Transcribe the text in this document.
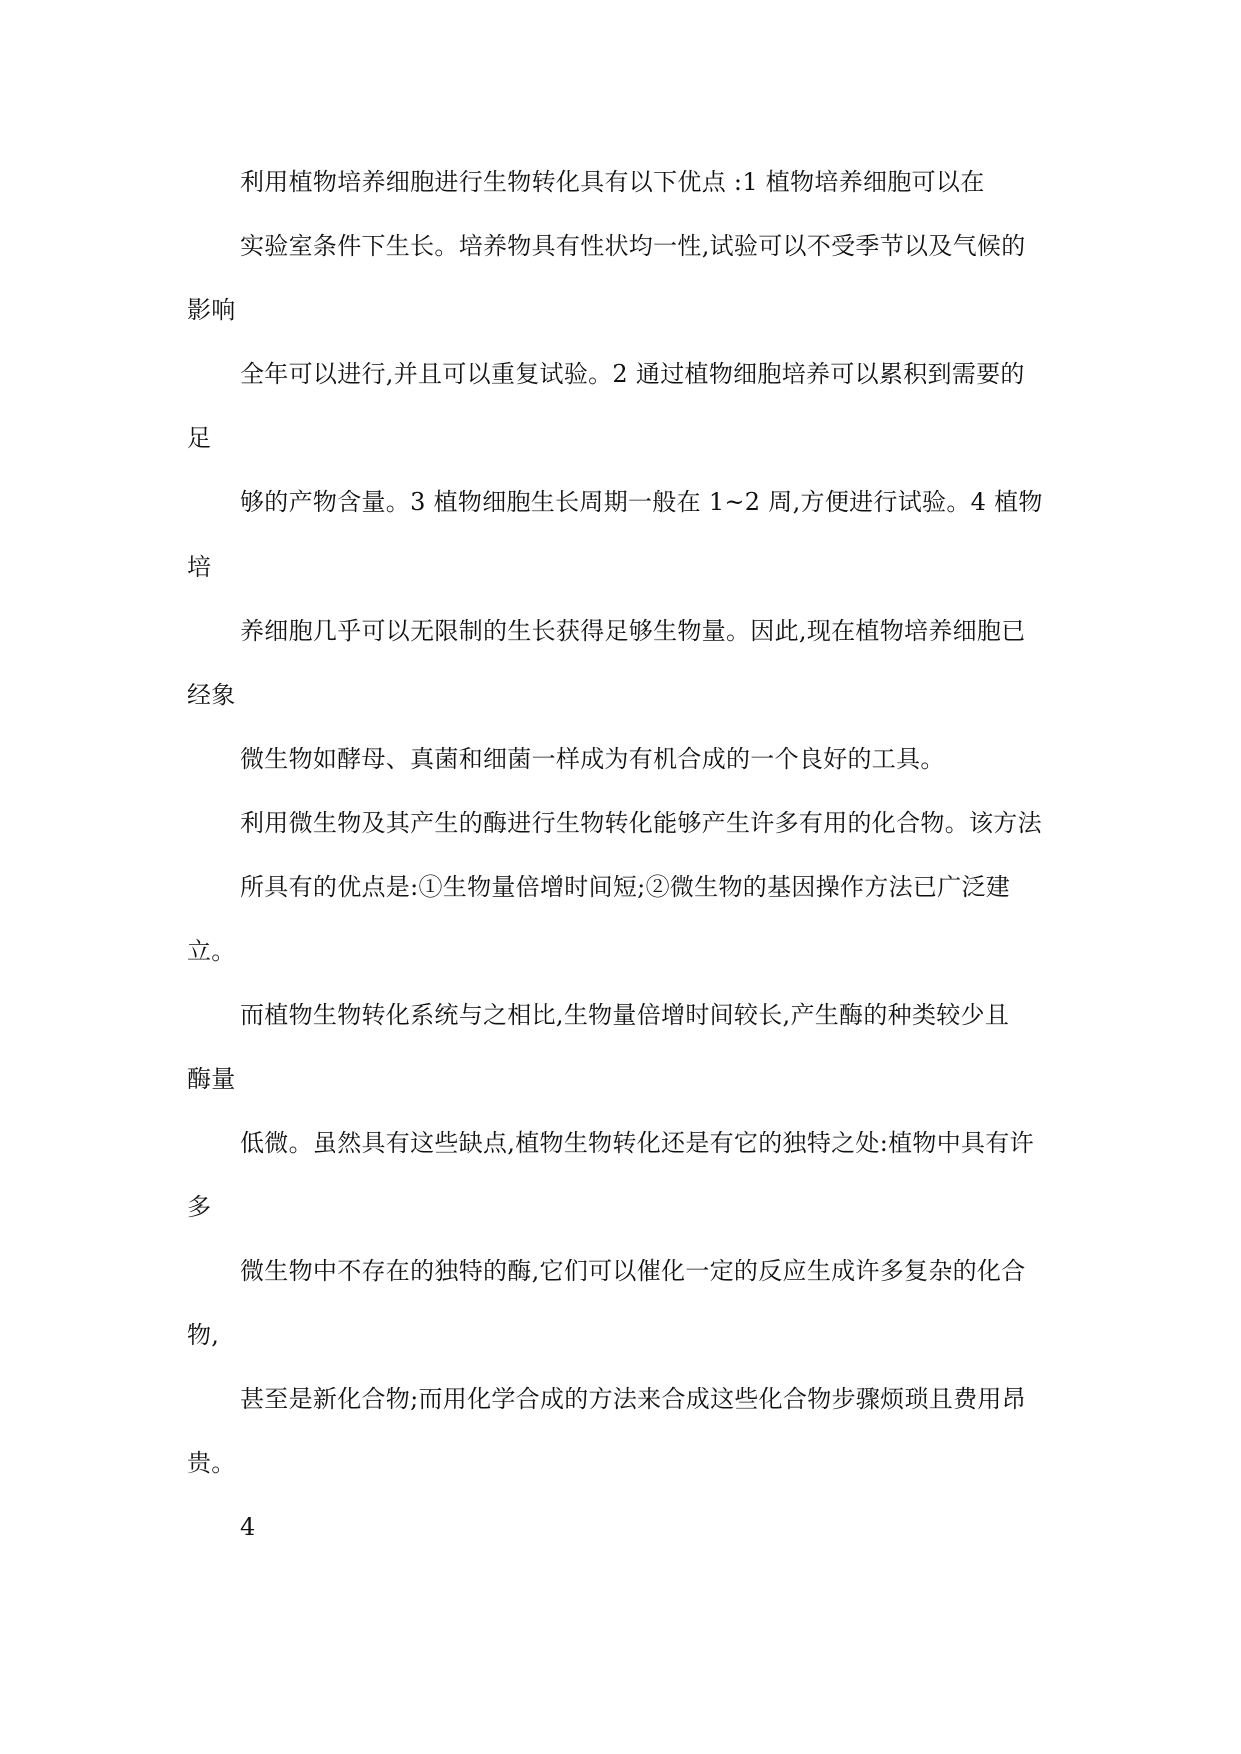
利用植物培养细胞进行生物转化具有以下优点 :1 植物培养细胞可以在

实验室条件下生长。培养物具有性状均一性,试验可以不受季节以及气候的

影响

全年可以进行,并且可以重复试验。2 通过植物细胞培养可以累积到需要的

足

够的产物含量。3 植物细胞生长周期一般在 1~2 周,方便进行试验。4 植物

培

养细胞几乎可以无限制的生长获得足够生物量。因此,现在植物培养细胞已

经象

微生物如酵母、真菌和细菌一样成为有机合成的一个良好的工具。

利用微生物及其产生的酶进行生物转化能够产生许多有用的化合物。该方法

所具有的优点是:①生物量倍增时间短;②微生物的基因操作方法已广泛建

立。

而植物生物转化系统与之相比,生物量倍增时间较长,产生酶的种类较少且

酶量

低微。虽然具有这些缺点,植物生物转化还是有它的独特之处:植物中具有许

多

微生物中不存在的独特的酶,它们可以催化一定的反应生成许多复杂的化合

物,

甚至是新化合物;而用化学合成的方法来合成这些化合物步骤烦琐且费用昂

贵。

4
